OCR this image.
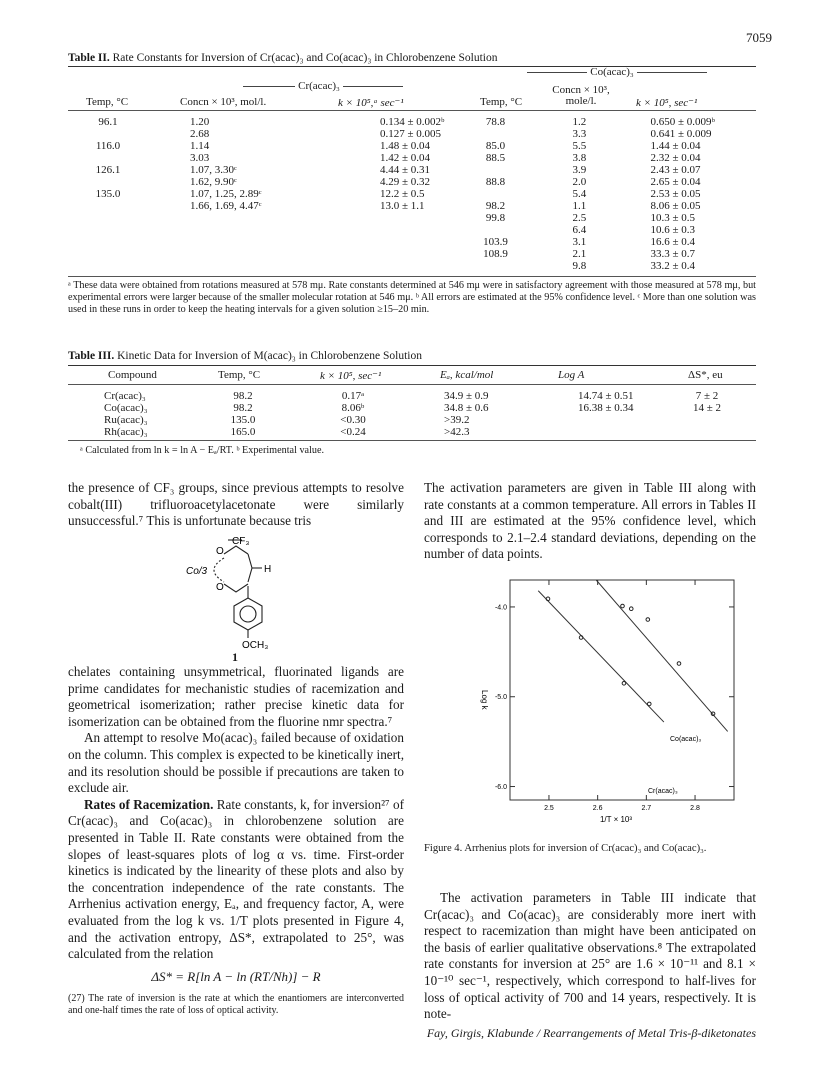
7059
Table II. Rate Constants for Inversion of Cr(acac)₃ and Co(acac)₃ in Chlorobenzene Solution
Cr(acac)₃
Co(acac)₃
Temp, °C	Concn × 10³, mol/l.	k × 10⁵,ᵃ sec⁻¹	Temp, °C
Concn × 10³, mole/l.	k × 10⁵, sec⁻¹
96.1	1.20	0.134 ± 0.002ᵇ	78.8	1.2	0.650 ± 0.009ᵇ
	2.68	0.127 ± 0.005		3.3	0.641 ± 0.009
116.0	1.14	1.48 ± 0.04	85.0	5.5	1.44 ± 0.04
	3.03	1.42 ± 0.04	88.5	3.8	2.32 ± 0.04
126.1	1.07, 3.30ᶜ	4.44 ± 0.31		3.9	2.43 ± 0.07
	1.62, 9.90ᶜ	4.29 ± 0.32	88.8	2.0	2.65 ± 0.04
135.0	1.07, 1.25, 2.89ᶜ	12.2 ± 0.5		5.4	2.53 ± 0.05
	1.66, 1.69, 4.47ᶜ	13.0 ± 1.1	98.2	1.1	8.06 ± 0.05
			99.8	2.5	10.3 ± 0.5
				6.4	10.6 ± 0.3
			103.9	3.1	16.6 ± 0.4
			108.9	2.1	33.3 ± 0.7
				9.8	33.2 ± 0.4
ᵃ These data were obtained from rotations measured at 578 mμ. Rate constants determined at 546 mμ were in satisfactory agreement with those measured at 578 mμ, but experimental errors were larger because of the smaller molecular rotation at 546 mμ. ᵇ All errors are estimated at the 95% confidence level. ᶜ More than one solution was used in these runs in order to keep the heating intervals for a given solution ≥15–20 min.
Table III. Kinetic Data for Inversion of M(acac)₃ in Chlorobenzene Solution
Compound	Temp, °C	k × 10⁵, sec⁻¹	Eₐ, kcal/mol	Log A	ΔS*, eu
Cr(acac)₃	98.2	0.17ᵃ	34.9 ± 0.9	14.74 ± 0.51	7 ± 2
Co(acac)₃	98.2	8.06ᵇ	34.8 ± 0.6	16.38 ± 0.34	14 ± 2
Ru(acac)₃	135.0	<0.30	>39.2		
Rh(acac)₃	165.0	<0.24	>42.3		
ᵃ Calculated from ln k = ln A − Eₐ/RT. ᵇ Experimental value.

the presence of CF₃ groups, since previous attempts to resolve cobalt(III) trifluoroacetylacetonate were similarly unsuccessful.⁷ This is unfortunate because tris

CF₃
Co/3
O
O
H
OCH₃
1

chelates containing unsymmetrical, fluorinated ligands are prime candidates for mechanistic studies of racemization and geometrical isomerization; rather precise kinetic data for isomerization can be obtained from the fluorine nmr spectra.⁷

An attempt to resolve Mo(acac)₃ failed because of oxidation on the column. This complex is expected to be kinetically inert, and its resolution should be possible if precautions are taken to exclude air.

Rates of Racemization. Rate constants, k, for inversion²⁷ of Cr(acac)₃ and Co(acac)₃ in chlorobenzene solution are presented in Table II. Rate constants were obtained from the slopes of least-squares plots of log α vs. time. First-order kinetics is indicated by the linearity of these plots and also by the concentration independence of the rate constants. The Arrhenius activation energy, Eₐ, and frequency factor, A, were evaluated from the log k vs. 1/T plots presented in Figure 4, and the activation entropy, ΔS*, extrapolated to 25°, was calculated from the relation

ΔS* = R[ln A − ln (RT/Nh)] − R
(27) The rate of inversion is the rate at which the enantiomers are interconverted and one-half times the rate of loss of optical activity.

The activation parameters are given in Table III along with rate constants at a common temperature. All errors in Tables II and III are estimated at the 95% confidence level, which corresponds to 2.1–2.4 standard deviations, depending on the number of data points.

2.5	2.6	2.7	2.8
-4.0
-5.0
-6.0
Log k
1/T × 10³
Co(acac)₃
Cr(acac)₃
Figure 4. Arrhenius plots for inversion of Cr(acac)₃ and Co(acac)₃.

The activation parameters in Table III indicate that Cr(acac)₃ and Co(acac)₃ are considerably more inert with respect to racemization than might have been anticipated on the basis of earlier qualitative observations.⁸ The extrapolated rate constants for inversion at 25° are 1.6 × 10⁻¹¹ and 8.1 × 10⁻¹⁰ sec⁻¹, respectively, which correspond to half-lives for loss of optical activity of 700 and 14 years, respectively. It is note-

Fay, Girgis, Klabunde / Rearrangements of Metal Tris-β-diketonates
